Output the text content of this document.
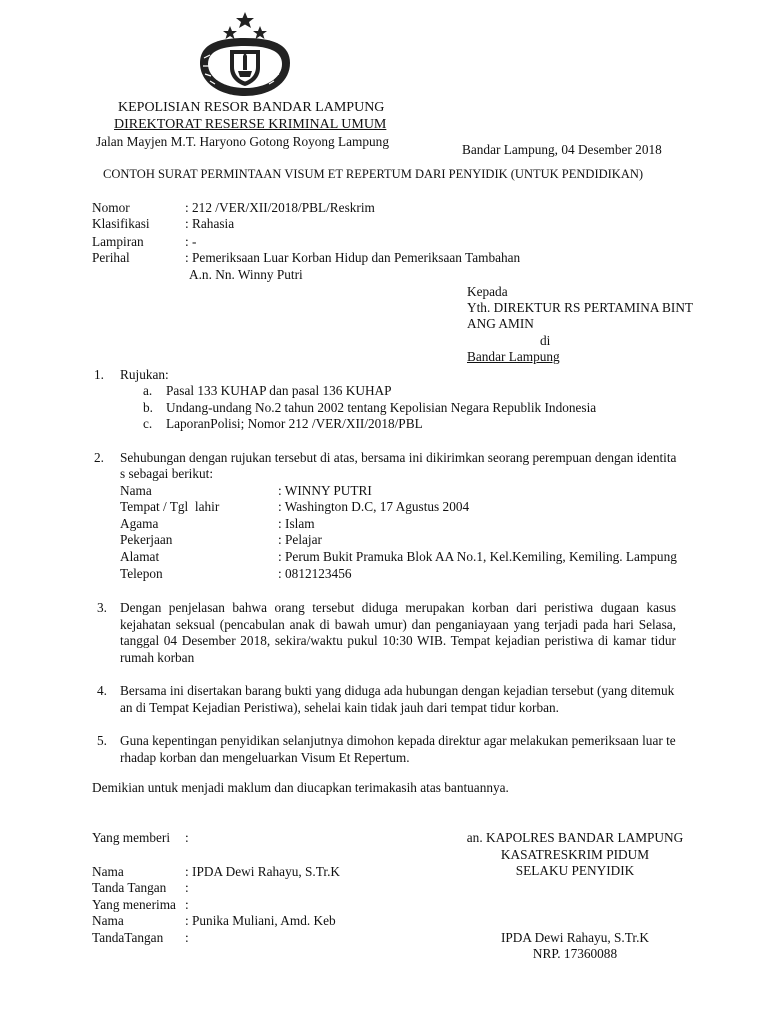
KEPOLISIAN RESOR BANDAR LAMPUNG
DIREKTORAT RESERSE KRIMINAL UMUM
Jalan Mayjen M.T. Haryono Gotong Royong Lampung
Bandar Lampung, 04 Desember 2018
CONTOH SURAT PERMINTAAN VISUM ET REPERTUM DARI PENYIDIK (UNTUK PENDIDIKAN)
Nomor	: 212 /VER/XII/2018/PBL/Reskrim
Klasifikasi	: Rahasia
Lampiran	: -
Perihal	: Pemeriksaan Luar Korban Hidup dan Pemeriksaan Tambahan
A.n. Nn. Winny Putri
Kepada
Yth. DIREKTUR RS PERTAMINA BINT
ANG AMIN
di
Bandar Lampung
1. Rujukan:
a. Pasal 133 KUHAP dan pasal 136 KUHAP
b. Undang-undang No.2 tahun 2002 tentang Kepolisian Negara Republik Indonesia
c. LaporanPolisi; Nomor 212 /VER/XII/2018/PBL
2. Sehubungan dengan rujukan tersebut di atas, bersama ini dikirimkan seorang perempuan dengan identita
s sebagai berikut:
Nama	: WINNY PUTRI
Tempat / Tgl  lahir	: Washington D.C, 17 Agustus 2004
Agama	: Islam
Pekerjaan	: Pelajar
Alamat	: Perum Bukit Pramuka Blok AA No.1, Kel.Kemiling, Kemiling. Lampung
Telepon	: 0812123456
3. Dengan penjelasan bahwa orang tersebut diduga merupakan korban dari peristiwa dugaan kasus
kejahatan seksual (pencabulan anak di bawah umur) dan penganiayaan yang terjadi pada hari Selasa,
tanggal 04 Desember 2018, sekira/waktu pukul 10:30 WIB. Tempat kejadian peristiwa di kamar tidur
rumah korban
4. Bersama ini disertakan barang bukti yang diduga ada hubungan dengan kejadian tersebut (yang ditemuk
an di Tempat Kejadian Peristiwa), sehelai kain tidak jauh dari tempat tidur korban.
5. Guna kepentingan penyidikan selanjutnya dimohon kepada direktur agar melakukan pemeriksaan luar te
rhadap korban dan mengeluarkan Visum Et Repertum.
Demikian untuk menjadi maklum dan diucapkan terimakasih atas bantuannya.
Yang memberi :
Nama	: IPDA Dewi Rahayu, S.Tr.K
Tanda Tangan :
Yang menerima :
Nama	: Punika Muliani, Amd. Keb
TandaTangan :
an. KAPOLRES BANDAR LAMPUNG
KASATRESKRIM PIDUM
SELAKU PENYIDIK
IPDA Dewi Rahayu, S.Tr.K
NRP. 17360088
